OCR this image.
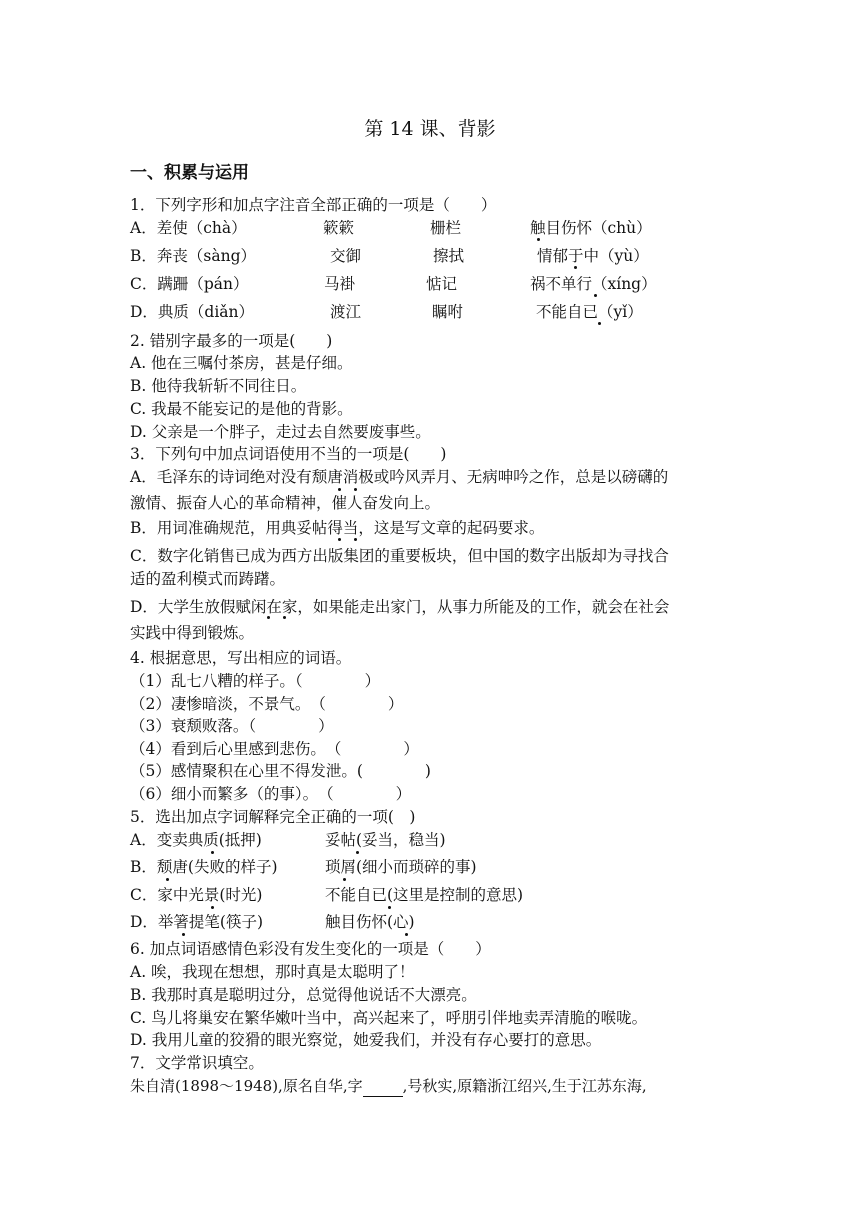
第 14 课、背影
一、积累与运用
1．下列字形和加点字注音全部正确的一项是（　　）
A．差使（chà）	簌簌	栅栏	触目伤怀（chù）
B．奔丧（sàng）	交御	擦拭	情郁于中（yù）
C．蹒跚（pán）	马褂	惦记	祸不单行（xíng）
D．典质（diǎn）	渡江	瞩咐	不能自已（yǐ）
2. 错别字最多的一项是(　　)
A. 他在三嘱付茶房，甚是仔细。
B. 他待我斩斩不同往日。
C. 我最不能妄记的是他的背影。
D. 父亲是一个胖子，走过去自然要废事些。
3．下列句中加点词语使用不当的一项是(　　)
A．毛泽东的诗词绝对没有颓唐消极或吟风弄月、无病呻吟之作，总是以磅礴的
激情、振奋人心的革命精神，催人奋发向上。
B．用词准确规范，用典妥帖得当，这是写文章的起码要求。
C．数字化销售已成为西方出版集团的重要板块，但中国的数字出版却为寻找合
适的盈利模式而踌躇。
D．大学生放假赋闲在家，如果能走出家门，从事力所能及的工作，就会在社会
实践中得到锻炼。
4. 根据意思，写出相应的词语。
（1）乱七八糟的样子。（　　　　）
（2）凄惨暗淡，不景气。　（　　　　）
（3）衰颓败落。（　　　　）
（4）看到后心里感到悲伤。　（　　　　）
（5）感情聚积在心里不得发泄。(　　　　)
（6）细小而繁多（的事）。　（　　　　）
5．选出加点字词解释完全正确的一项(　)
A．变卖典质(抵押)	妥帖(妥当，稳当)
B．颓唐(失败的样子)	琐屑(细小而琐碎的事)
C．家中光景(时光)	不能自已(这里是控制的意思)
D．举箸提笔(筷子)	触目伤怀(心)
6. 加点词语感情色彩没有发生变化的一项是（　　）
A. 唉，我现在想想，那时真是太聪明了！
B. 我那时真是聪明过分，总觉得他说话不大漂亮。
C. 鸟儿将巢安在繁华嫩叶当中，高兴起来了，呼朋引伴地卖弄清脆的喉咙。
D. 我用儿童的狡猾的眼光察觉，她爱我们，并没有存心要打的意思。
7．文学常识填空。
朱自清(1898～1948),原名自华,字	,号秋实,原籍浙江绍兴,生于江苏东海,
